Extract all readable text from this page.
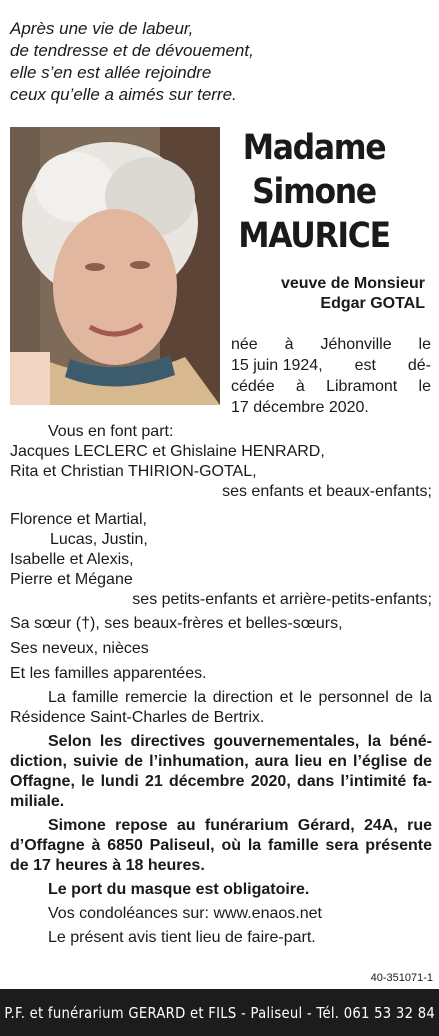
Après une vie de labeur,
de tendresse et de dévouement,
elle s’en est allée rejoindre
ceux qu’elle a aimés sur terre.
Madame
Simone
MAURICE
veuve de Monsieur
Edgar GOTAL
née à Jéhonville le
15 juin 1924, est dé-
cédée à Libramont le
17 décembre 2020.
Vous en font part:
Jacques LECLERC et Ghislaine HENRARD,
Rita et Christian THIRION-GOTAL,
ses enfants et beaux-enfants;
Florence et Martial,
Lucas, Justin,
Isabelle et Alexis,
Pierre et Mégane
ses petits-enfants et arrière-petits-enfants;
Sa sœur (†), ses beaux-frères et belles-sœurs,
Ses neveux, nièces
Et les familles apparentées.
La famille remercie la direction et le personnel de la Résidence Saint-Charles de Bertrix.
Selon les directives gouvernementales, la béné-diction, suivie de l’inhumation, aura lieu en l’église de Offagne, le lundi 21 décembre 2020, dans l’intimité fa-miliale.
Simone repose au funérarium Gérard, 24A, rue d’Offagne à 6850 Paliseul, où la famille sera présente de 17 heures à 18 heures.
Le port du masque est obligatoire.
Vos condoléances sur: www.enaos.net
Le présent avis tient lieu de faire-part.
40-351071-1
P.F. et funérarium GERARD et FILS - Paliseul - Tél. 061 53 32 84
